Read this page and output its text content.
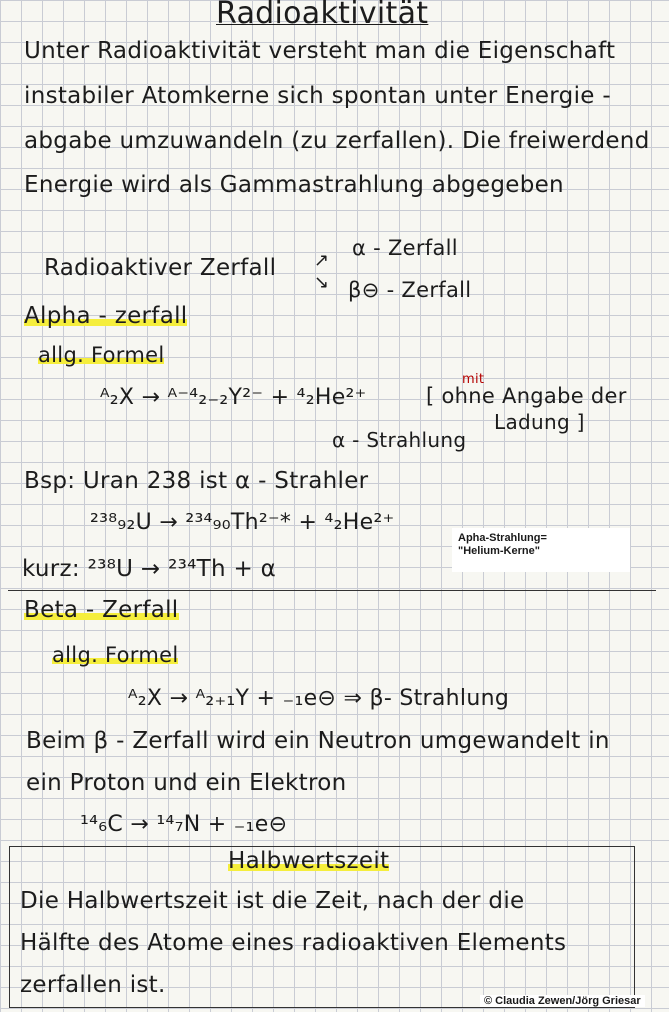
Radioaktivität
Unter Radioaktivität versteht man die Eigenschaft
instabiler Atomkerne sich spontan unter Energie -
abgabe umzuwandeln (zu zerfallen). Die freiwerdend
Energie wird als Gammastrahlung abgegeben
Radioaktiver Zerfall ↗
↘
α - Zerfall
β⊖ - Zerfall
Alpha - zerfall
allg. Formel
ᴬ₂X → ᴬ⁻⁴₂₋₂Y²⁻ + ⁴₂He²⁺
mit
[ ohne Angabe der
Ladung ]
α - Strahlung
Bsp: Uran 238 ist α - Strahler
²³⁸₉₂U → ²³⁴₉₀Th²⁻* + ⁴₂He²⁺
kurz: ²³⁸U → ²³⁴Th + α
Apha-Strahlung=
"Helium-Kerne"
Beta - Zerfall
allg. Formel
ᴬ₂X → ᴬ₂₊₁Y + ₋₁e⊖ ⇒ β- Strahlung
Beim β - Zerfall wird ein Neutron umgewandelt in
ein Proton und ein Elektron
¹⁴₆C → ¹⁴₇N + ₋₁e⊖
Halbwertszeit
Die Halbwertszeit ist die Zeit, nach der die
Hälfte des Atome eines radioaktiven Elements
zerfallen ist.
© Claudia Zewen/Jörg Griesar
